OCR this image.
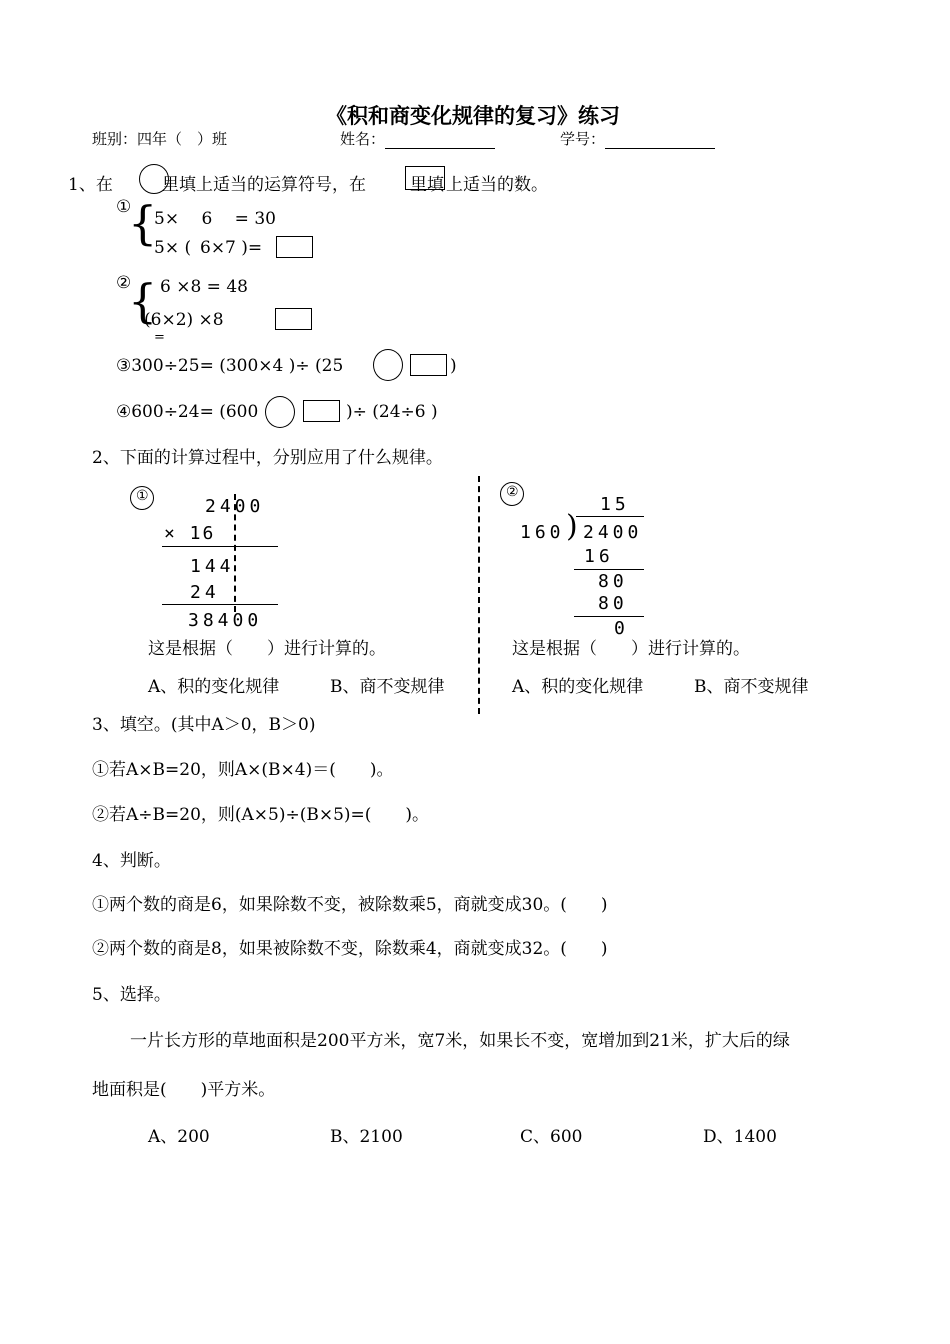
《积和商变化规律的复习》练习
班别：四年（　）班	姓名：	学号：
1、在	里填上适当的运算符号，在	里填 上适当的数。
①
{
5×　 6　 = 30
5× ( 6×7 )=
②
{ 6 ×8 = 48
(6×2) ×8
=
③300÷25= (300×4 )÷ (25	)
④600÷24= (600	)÷ (24÷6 )
2、下面的计算过程中，分别应用了什么规律。
①	2400
× 16
144
24
38400
这是根据（　　）进行计算的。
A、积的变化规律	B、商不变规律
②
15
160 ) 2400
16
80
80
0
这是根据（　　）进行计算的。
A、积的变化规律	B、商不变规律
3、填空。(其中A＞0，B＞0)
①若A×B=20，则A×(B×4)＝(　　)。
②若A÷B=20，则(A×5)÷(B×5)=(　　)。
4、判断。
①两个数的商是6，如果除数不变，被除数乘5，商就变成30。(　　)
②两个数的商是8，如果被除数不变，除数乘4，商就变成32。(　　)
5、选择。
一片长方形的草地面积是200平方米，宽7米，如果长不变，宽增加到21米，扩大后的绿
地面积是(　　)平方米。
A、200	B、2100	C、600	D、1400
